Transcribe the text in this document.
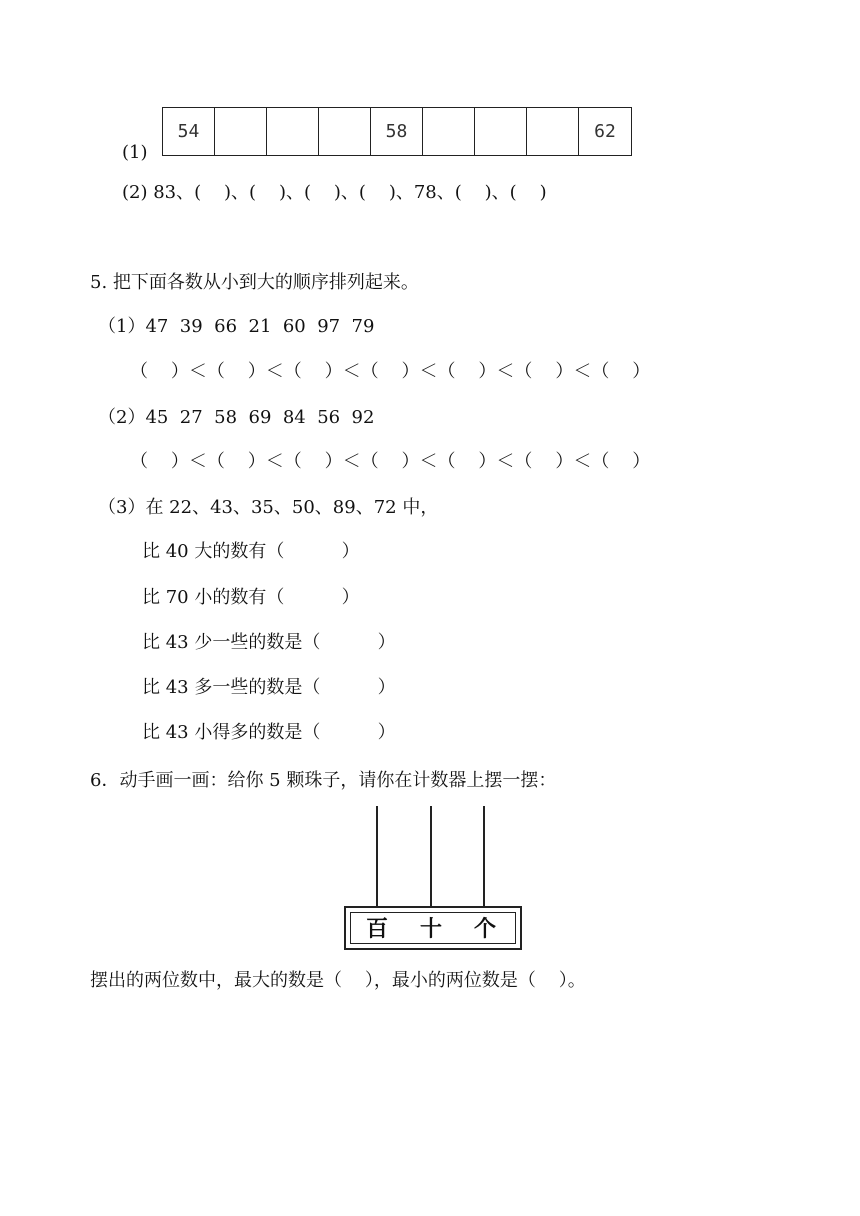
54	58	62
(1)
(2) 83、(    )、(    )、(    )、(    )、78、(    )、(    )
5. 把下面各数从小到大的顺序排列起来。
（1）47  39  66  21  60  97  79
（    ）＜（    ）＜（    ）＜（    ）＜（    ）＜（    ）＜（    ）
（2）45  27  58  69  84  56  92
（    ）＜（    ）＜（    ）＜（    ）＜（    ）＜（    ）＜（    ）
（3）在 22、43、35、50、89、72 中，
比 40 大的数有（          ）
比 70 小的数有（          ）
比 43 少一些的数是（          ）
比 43 多一些的数是（          ）
比 43 小得多的数是（          ）
6．动手画一画：给你 5 颗珠子，请你在计数器上摆一摆：
百 十 个
摆出的两位数中，最大的数是（    ），最小的两位数是（    ）。
